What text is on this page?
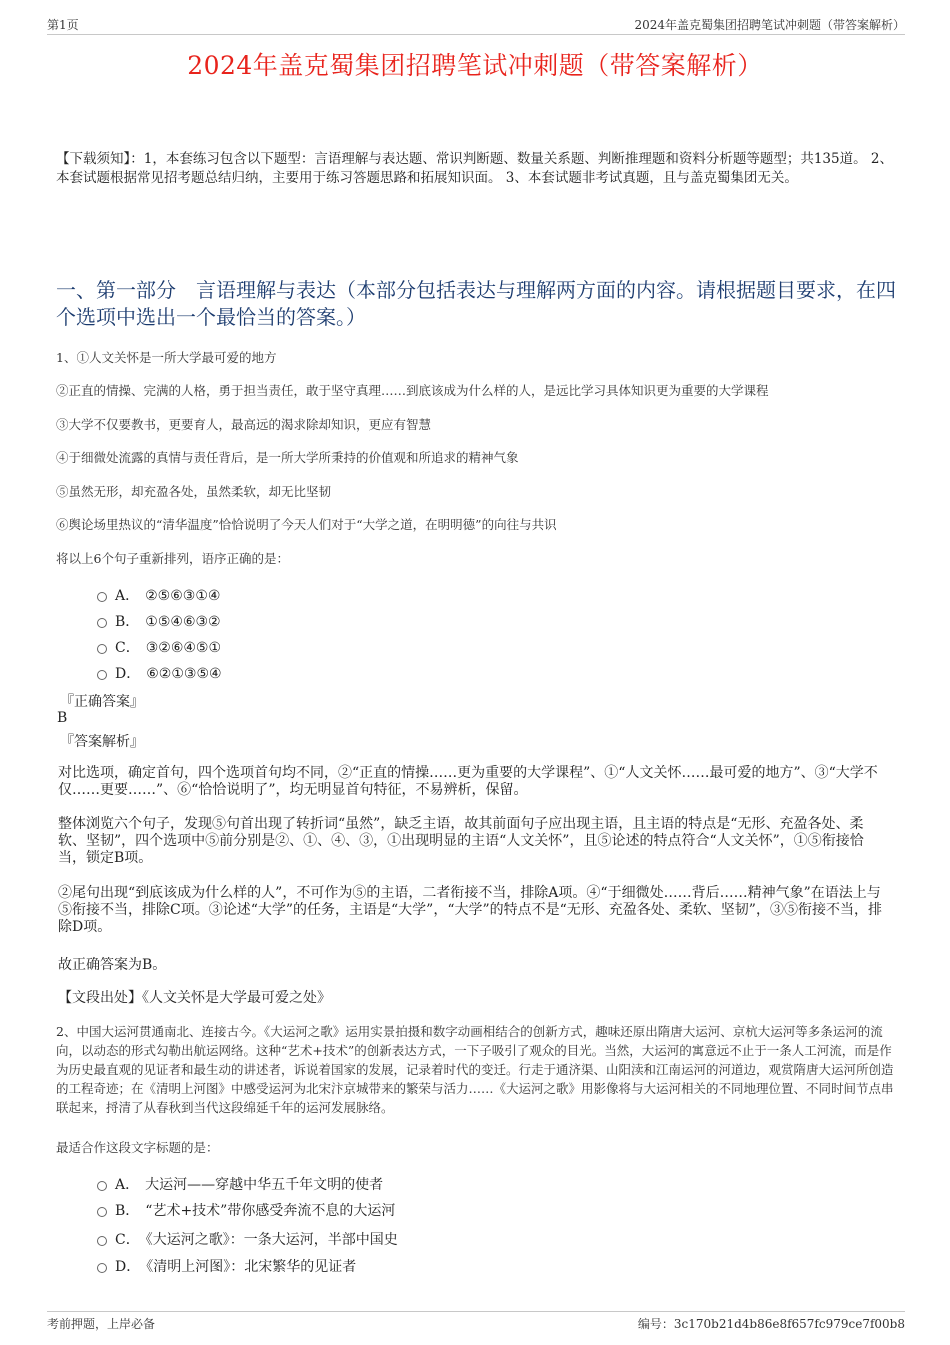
第1页	2024年盖克蜀集团招聘笔试冲刺题（带答案解析）
2024年盖克蜀集团招聘笔试冲刺题（带答案解析）
【下载须知】：1，本套练习包含以下题型：言语理解与表达题、常识判断题、数量关系题、判断推理题和资料分析题等题型；共135道。 2、本套试题根据常见招考题总结归纳，主要用于练习答题思路和拓展知识面。 3、本套试题非考试真题，且与盖克蜀集团无关。
一、第一部分　言语理解与表达（本部分包括表达与理解两方面的内容。请根据题目要求，在四个选项中选出一个最恰当的答案。）
1、①人文关怀是一所大学最可爱的地方
②正直的情操、完满的人格，勇于担当责任，敢于坚守真理……到底该成为什么样的人，是远比学习具体知识更为重要的大学课程
③大学不仅要教书，更要育人，最高远的渴求除却知识，更应有智慧
④于细微处流露的真情与责任背后，是一所大学所秉持的价值观和所追求的精神气象
⑤虽然无形，却充盈各处，虽然柔软，却无比坚韧
⑥舆论场里热议的“清华温度”恰恰说明了今天人们对于“大学之道，在明明德”的向往与共识
将以上6个句子重新排列，语序正确的是：
A． ②⑤⑥③①④
B． ①⑤④⑥③②
C． ③②⑥④⑤①
D． ⑥②①③⑤④
『正确答案』
B
『答案解析』
对比选项，确定首句，四个选项首句均不同，②“正直的情操……更为重要的大学课程”、①“人文关怀……最可爱的地方”、③“大学不仅……更要……”、⑥“恰恰说明了”，均无明显首句特征，不易辨析，保留。
整体浏览六个句子，发现⑤句首出现了转折词“虽然”，缺乏主语，故其前面句子应出现主语，且主语的特点是“无形、充盈各处、柔软、坚韧”，四个选项中⑤前分别是②、①、④、③，①出现明显的主语“人文关怀”，且⑤论述的特点符合“人文关怀”，①⑤衔接恰当，锁定B项。
②尾句出现“到底该成为什么样的人”，不可作为⑤的主语，二者衔接不当，排除A项。④“于细微处……背后……精神气象”在语法上与⑤衔接不当，排除C项。③论述“大学”的任务，主语是“大学”，“大学”的特点不是“无形、充盈各处、柔软、坚韧”，③⑤衔接不当，排除D项。
故正确答案为B。
【文段出处】《人文关怀是大学最可爱之处》
2、中国大运河贯通南北、连接古今。《大运河之歌》运用实景拍摄和数字动画相结合的创新方式，趣味还原出隋唐大运河、京杭大运河等多条运河的流向，以动态的形式勾勒出航运网络。这种“艺术+技术”的创新表达方式，一下子吸引了观众的目光。当然，大运河的寓意远不止于一条人工河流，而是作为历史最直观的见证者和最生动的讲述者，诉说着国家的发展，记录着时代的变迁。行走于通济渠、山阳渎和江南运河的河道边，观赏隋唐大运河所创造的工程奇迹；在《清明上河图》中感受运河为北宋汴京城带来的繁荣与活力……《大运河之歌》用影像将与大运河相关的不同地理位置、不同时间节点串联起来，捋清了从春秋到当代这段绵延千年的运河发展脉络。
最适合作这段文字标题的是：
A． 大运河——穿越中华五千年文明的使者
B． “艺术+技术”带你感受奔流不息的大运河
C． 《大运河之歌》：一条大运河，半部中国史
D． 《清明上河图》：北宋繁华的见证者
考前押题，上岸必备	编号：3c170b21d4b86e8f657fc979ce7f00b8
